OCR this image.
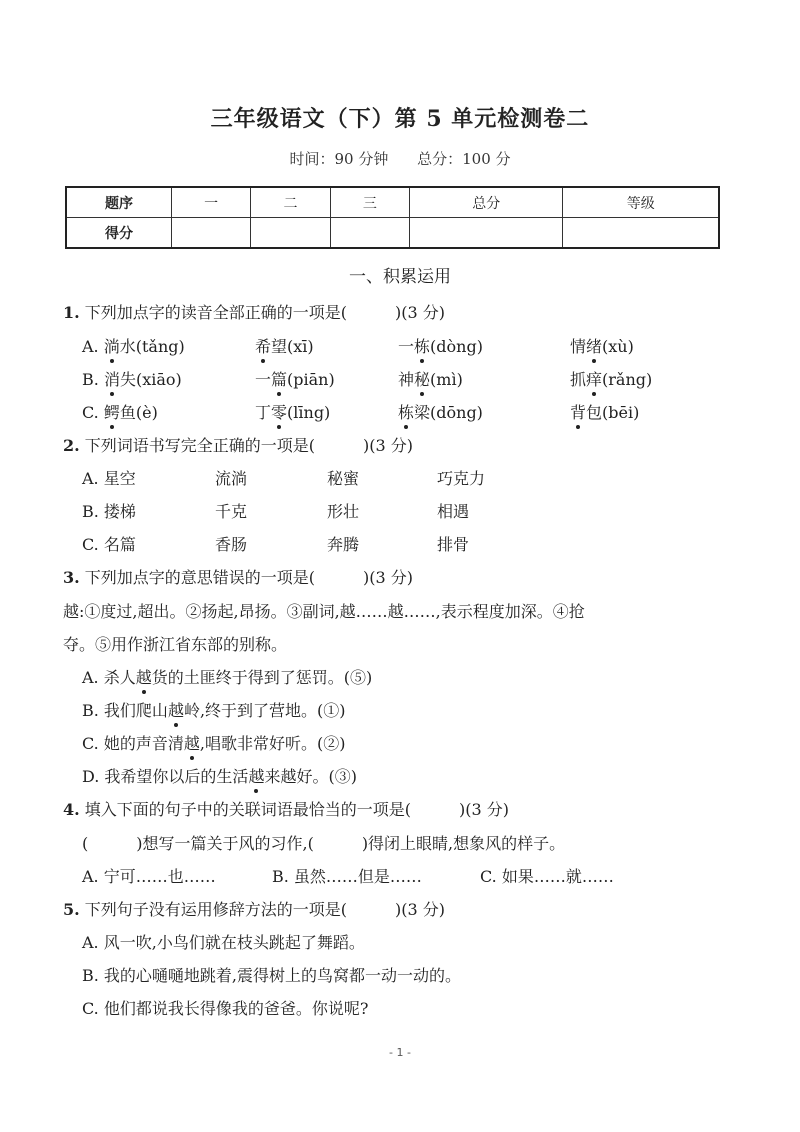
三年级语文（下）第 5 单元检测卷二
时间：90 分钟 总分：100 分
题序	一	二	三	总分	等级
得分					
一、积累运用
1. 下列加点字的读音全部正确的一项是(　　　)(3 分)
A. 淌水(tǎng)	希望(xī)	一栋(dòng)	情绪(xù)
B. 消失(xiāo)	一篇(piān)	神秘(mì)	抓痒(rǎng)
C. 鳄鱼(è)	丁零(līng)	栋梁(dōng)	背包(bēi)
2. 下列词语书写完全正确的一项是(　　　)(3 分)
A. 星空	流淌	秘蜜	巧克力
B. 搂梯	千克	形壮	相遇
C. 名篇	香肠	奔腾	排骨
3. 下列加点字的意思错误的一项是(　　　)(3 分)
越:①度过,超出。②扬起,昂扬。③副词,越……越……,表示程度加深。④抢
夺。⑤用作浙江省东部的别称。
A. 杀人越货的土匪终于得到了惩罚。(⑤)
B. 我们爬山越岭,终于到了营地。(①)
C. 她的声音清越,唱歌非常好听。(②)
D. 我希望你以后的生活越来越好。(③)
4. 填入下面的句子中的关联词语最恰当的一项是(　　　)(3 分)
(　　　)想写一篇关于风的习作,(　　　)得闭上眼睛,想象风的样子。
A. 宁可……也……	B. 虽然……但是……	C. 如果……就……
5. 下列句子没有运用修辞方法的一项是(　　　)(3 分)
A. 风一吹,小鸟们就在枝头跳起了舞蹈。
B. 我的心嗵嗵地跳着,震得树上的鸟窝都一动一动的。
C. 他们都说我长得像我的爸爸。你说呢?
- 1 -
